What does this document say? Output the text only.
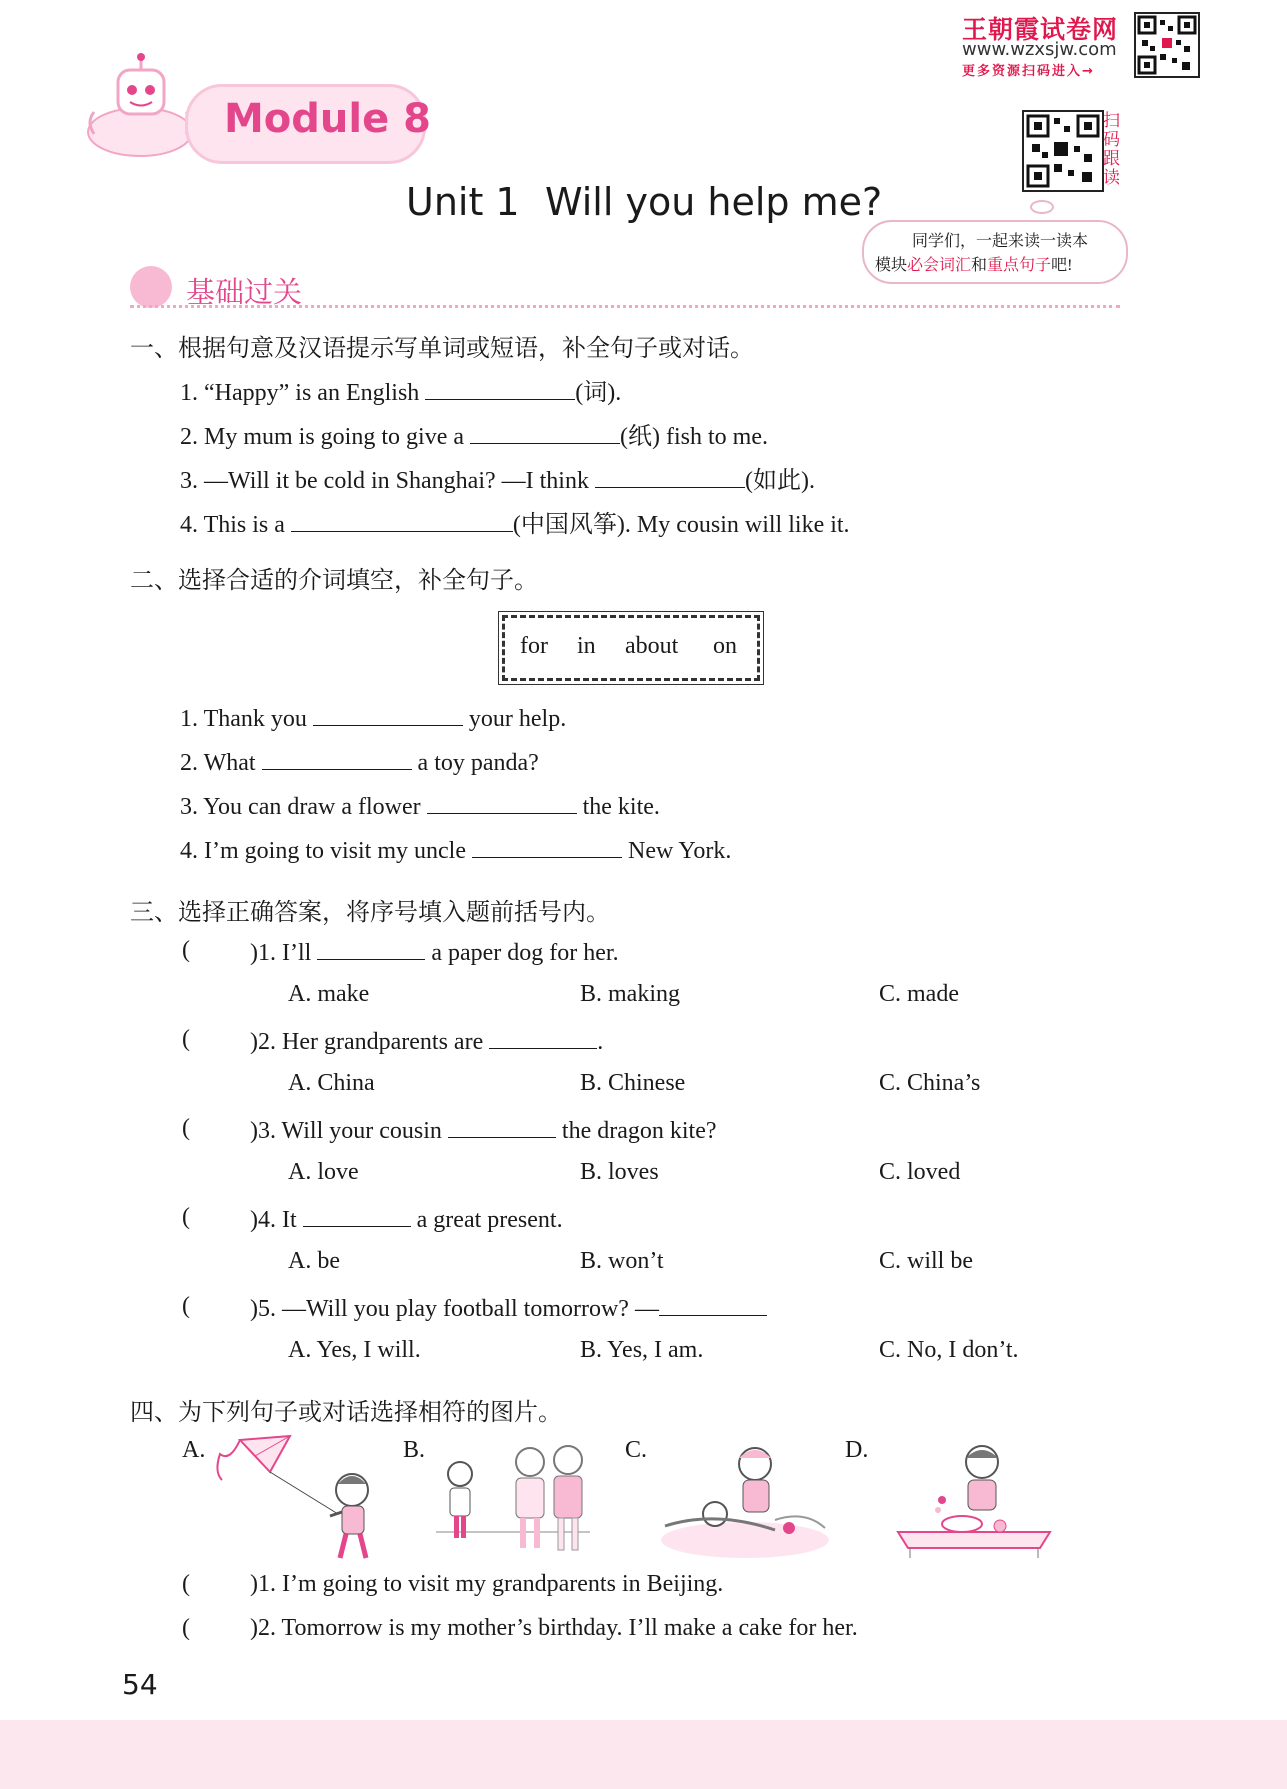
Module 8
王朝霞试卷网
www.wzxsjw.com
更多资源扫码进入→
扫码跟读
Unit 1 Will you help me?
同学们，一起来读一读本
模块必会词汇和重点句子吧!
基础过关
一、根据句意及汉语提示写单词或短语，补全句子或对话。
1. “Happy” is an English	(词).
2. My mum is going to give a	(纸) fish to me.
3. —Will it be cold in Shanghai? —I think	(如此).
4. This is a	(中国风筝). My cousin will like it.
二、选择合适的介词填空，补全句子。
for in about on
1. Thank you	your help.
2. What	a toy panda?
3. You can draw a flower	the kite.
4. I’m going to visit my uncle	New York.
三、选择正确答案，将序号填入题前括号内。
(	)1. I’ll	a paper dog for her.
A. make	B. making	C. made
(	)2. Her grandparents are	.
A. China	B. Chinese	C. China’s
(	)3. Will your cousin	the dragon kite?
A. love	B. loves	C. loved
(	)4. It	a great present.
A. be	B. won’t	C. will be
(	)5. —Will you play football tomorrow? —
A. Yes, I will.	B. Yes, I am.	C. No, I don’t.
四、为下列句子或对话选择相符的图片。
A.	B.	C.	D.
(	)1. I’m going to visit my grandparents in Beijing.
(	)2. Tomorrow is my mother’s birthday. I’ll make a cake for her.
54
